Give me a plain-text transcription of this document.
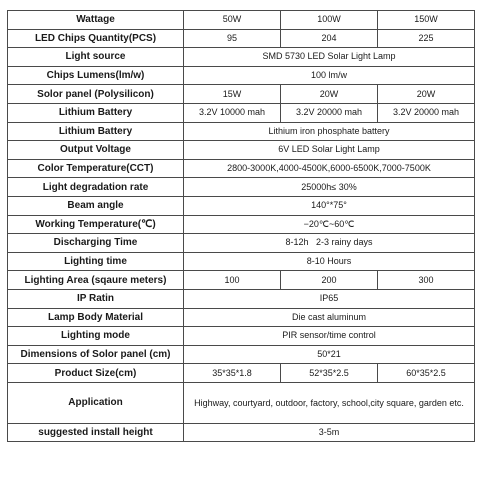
Wattage	50W	100W	150W
LED Chips Quantity(PCS)	95	204	225
Light source	SMD 5730 LED Solar Light Lamp		
Chips Lumens(lm/w)	100 lm/w		
Solor panel (Polysilicon)	15W	20W	20W
Lithium Battery	3.2V 10000 mah	3.2V 20000 mah	3.2V 20000 mah
Lithium Battery	Lithium iron phosphate battery		
Output Voltage	6V LED Solar Light Lamp		
Color Temperature(CCT)	2800-3000K,4000-4500K,6000-6500K,7000-7500K		
Light degradation rate	25000h≤ 30%		
Beam angle	140°*75°		
Working Temperature(℃)	−20℃~60℃		
Discharging Time	8-12h   2-3 rainy days		
Lighting time	8-10 Hours		
Lighting Area (sqaure meters)	100	200	300
IP Ratin	IP65		
Lamp Body Material	Die cast aluminum		
Lighting mode	PIR sensor/time control		
Dimensions of Solor panel (cm)	50*21		
Product Size(cm)	35*35*1.8	52*35*2.5	60*35*2.5
Application	Highway, courtyard, outdoor, factory, school,city square, garden etc.		
suggested install height	3-5m		
